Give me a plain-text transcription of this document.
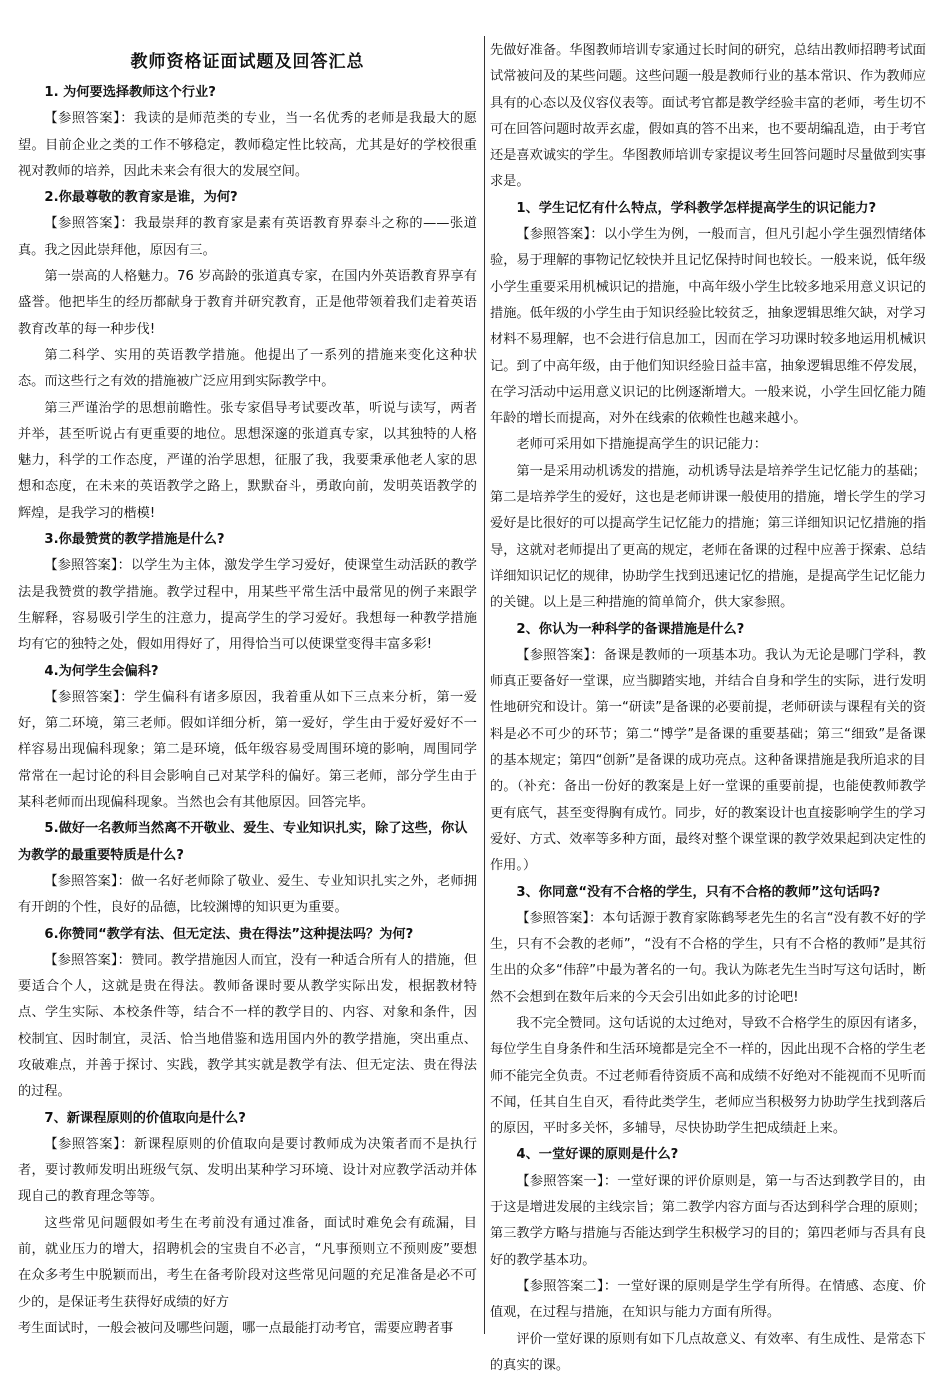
教师资格证面试题及回答汇总
1. 为何要选择教师这个行业?

【参照答案】：我读的是师范类的专业，当一名优秀的老师是我最大的愿望。目前企业之类的工作不够稳定，教师稳定性比较高，尤其是好的学校很重视对教师的培养，因此未来会有很大的发展空间。

2.你最尊敬的教育家是谁，为何?

【参照答案】：我最崇拜的教育家是素有英语教育界泰斗之称的——张道真。我之因此崇拜他，原因有三。

第一崇高的人格魅力。76 岁高龄的张道真专家，在国内外英语教育界享有盛誉。他把毕生的经历都献身于教育并研究教育，正是他带领着我们走着英语教育改革的每一种步伐!

第二科学、实用的英语教学措施。他提出了一系列的措施来变化这种状态。而这些行之有效的措施被广泛应用到实际教学中。

第三严谨治学的思想前瞻性。张专家倡导考试要改革，听说与读写，两者并举，甚至听说占有更重要的地位。思想深邃的张道真专家，以其独特的人格魅力，科学的工作态度，严谨的治学思想，征服了我，我要秉承他老人家的思想和态度，在未来的英语教学之路上，默默奋斗，勇敢向前，发明英语教学的辉煌，是我学习的楷模!

3.你最赞赏的教学措施是什么?

【参照答案】：以学生为主体，激发学生学习爱好，使课堂生动活跃的教学法是我赞赏的教学措施。教学过程中，用某些平常生活中最常见的例子来跟学生解释，容易吸引学生的注意力，提高学生的学习爱好。我想每一种教学措施均有它的独特之处，假如用得好了，用得恰当可以使课堂变得丰富多彩!

4.为何学生会偏科?

【参照答案】：学生偏科有诸多原因，我着重从如下三点来分析，第一爱好，第二环境，第三老师。假如详细分析，第一爱好，学生由于爱好爱好不一样容易出现偏科现象；第二是环境，低年级容易受周围环境的影响，周围同学常常在一起讨论的科目会影响自己对某学科的偏好。第三老师，部分学生由于某科老师而出现偏科现象。当然也会有其他原因。回答完毕。

5.做好一名教师当然离不开敬业、爱生、专业知识扎实，除了这些，你认为教学的最重要特质是什么?

【参照答案】：做一名好老师除了敬业、爱生、专业知识扎实之外，老师拥有开朗的个性，良好的品德，比较渊博的知识更为重要。

6.你赞同“教学有法、但无定法、贵在得法”这种提法吗？为何?

【参照答案】：赞同。教学措施因人而宜，没有一种适合所有人的措施，但要适合个人，这就是贵在得法。教师备课时要从教学实际出发，根据教材特点、学生实际、本校条件等，结合不一样的教学目的、内容、对象和条件，因校制宜、因时制宜，灵活、恰当地借鉴和选用国内外的教学措施，突出重点、攻破难点，并善于探讨、实践，教学其实就是教学有法、但无定法、贵在得法的过程。

7、新课程原则的价值取向是什么?

【参照答案】：新课程原则的价值取向是要讨教师成为决策者而不是执行者，要讨教师发明出班级气氛、发明出某种学习环境、设计对应教学活动并体现自己的教育理念等等。

这些常见问题假如考生在考前没有通过准备，面试时难免会有疏漏，目前，就业压力的增大，招聘机会的宝贵自不必言，“凡事预则立不预则废”要想在众多考生中脱颖而出，考生在备考阶段对这些常见问题的充足准备是必不可少的，是保证考生获得好成绩的好方

考生面试时，一般会被问及哪些问题，哪一点最能打动考官，需要应聘者事

先做好准备。华图教师培训专家通过长时间的研究，总结出教师招聘考试面试常被问及的某些问题。这些问题一般是教师行业的基本常识、作为教师应具有的心态以及仪容仪表等。面试考官都是教学经验丰富的老师，考生切不可在回答问题时故弄玄虚，假如真的答不出来，也不要胡编乱造，由于考官还是喜欢诚实的学生。华图教师培训专家提议考生回答问题时尽量做到实事求是。

1、学生记忆有什么特点，学科教学怎样提高学生的识记能力?

【参照答案】：以小学生为例，一般而言，但凡引起小学生强烈情绪体验，易于理解的事物记忆较快并且记忆保持时间也较长。一般来说，低年级小学生重要采用机械识记的措施，中高年级小学生比较多地采用意义识记的措施。低年级的小学生由于知识经验比较贫乏，抽象逻辑思维欠缺，对学习材料不易理解，也不会进行信息加工，因而在学习功课时较多地运用机械识记。到了中高年级，由于他们知识经验日益丰富，抽象逻辑思维不停发展，在学习活动中运用意义识记的比例逐渐增大。一般来说，小学生回忆能力随年龄的增长而提高，对外在线索的依赖性也越来越小。

老师可采用如下措施提高学生的识记能力：

第一是采用动机诱发的措施，动机诱导法是培养学生记忆能力的基础；第二是培养学生的爱好，这也是老师讲课一般使用的措施，增长学生的学习爱好是比很好的可以提高学生记忆能力的措施；第三详细知识记忆措施的指导，这就对老师提出了更高的规定，老师在备课的过程中应善于探索、总结详细知识记忆的规律，协助学生找到迅速记忆的措施，是提高学生记忆能力的关键。以上是三种措施的简单简介，供大家参照。

2、你认为一种科学的备课措施是什么?

【参照答案】：备课是教师的一项基本功。我认为无论是哪门学科，教师真正要备好一堂课，应当脚踏实地，并结合自身和学生的实际，进行发明性地研究和设计。第一“研读”是备课的必要前提，老师研读与课程有关的资料是必不可少的环节；第二“博学”是备课的重要基础；第三“细致”是备课的基本规定；第四“创新”是备课的成功亮点。这种备课措施是我所追求的目的。（补充：备出一份好的教案是上好一堂课的重要前提，也能使教师教学更有底气，甚至变得胸有成竹。同步，好的教案设计也直接影响学生的学习爱好、方式、效率等多种方面，最终对整个课堂课的教学效果起到决定性的作用。）

3、你同意“没有不合格的学生，只有不合格的教师”这句话吗?

【参照答案】：本句话源于教育家陈鹤琴老先生的名言“没有教不好的学生，只有不会教的老师”，“没有不合格的学生，只有不合格的教师”是其衍生出的众多“伟辞”中最为著名的一句。我认为陈老先生当时写这句话时，断然不会想到在数年后来的今天会引出如此多的讨论吧!

我不完全赞同。这句话说的太过绝对，导致不合格学生的原因有诸多，每位学生自身条件和生活环境都是完全不一样的，因此出现不合格的学生老师不能完全负责。不过老师看待资质不高和成绩不好绝对不能视而不见听而不闻，任其自生自灭，看待此类学生，老师应当积极努力协助学生找到落后的原因，平时多关怀，多辅导，尽快协助学生把成绩赶上来。

4、一堂好课的原则是什么?

【参照答案一】：一堂好课的评价原则是，第一与否达到教学目的，由于这是增进发展的主线宗旨；第二教学内容方面与否达到科学合理的原则；第三教学方略与措施与否能达到学生积极学习的目的；第四老师与否具有良好的教学基本功。

【参照答案二】：一堂好课的原则是学生学有所得。在情感、态度、价值观，在过程与措施，在知识与能力方面有所得。

评价一堂好课的原则有如下几点故意义、有效率、有生成性、是常态下的真实的课。
